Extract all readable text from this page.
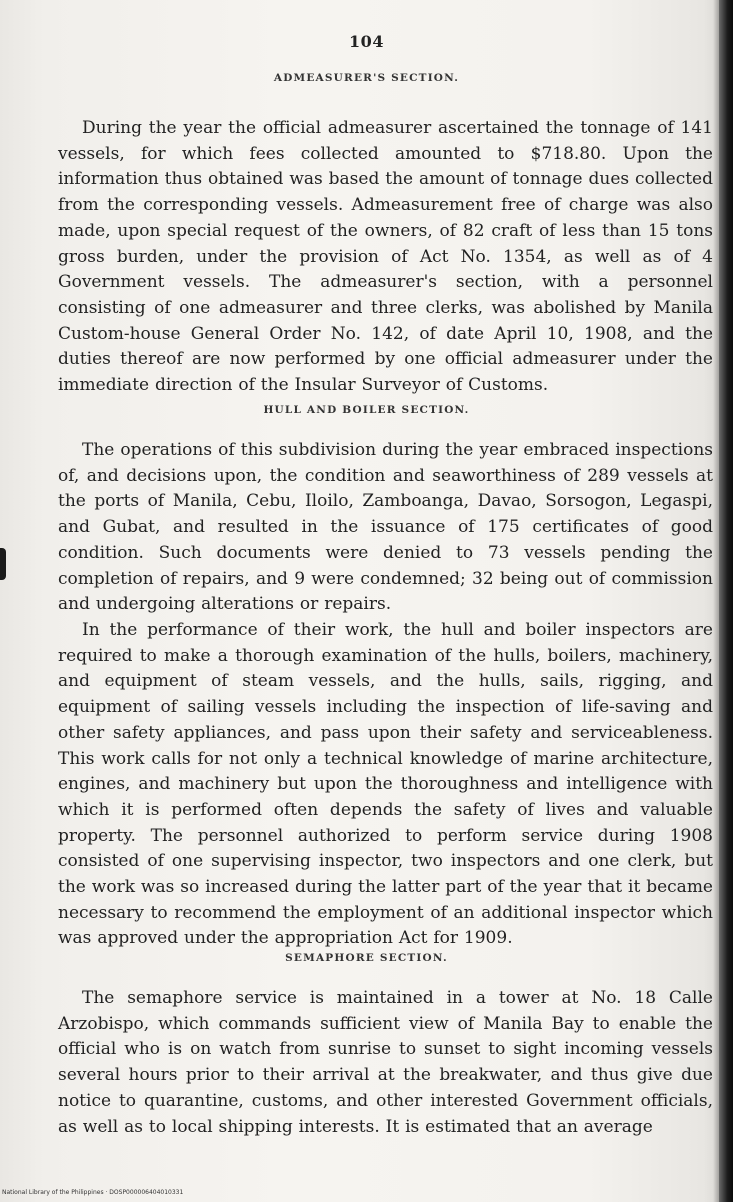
104
ADMEASURER'S SECTION.

During the year the official admeasurer ascertained the tonnage of 141 vessels, for which fees collected amounted to $718.80. Upon the information thus obtained was based the amount of tonnage dues collected from the corresponding vessels. Admeasurement free of charge was also made, upon special request of the owners, of 82 craft of less than 15 tons gross burden, under the provision of Act No. 1354, as well as of 4 Government vessels. The admeasurer's section, with a personnel consisting of one admeasurer and three clerks, was abolished by Manila Custom-house General Order No. 142, of date April 10, 1908, and the duties thereof are now performed by one official admeasurer under the immediate direction of the Insular Surveyor of Customs.

HULL AND BOILER SECTION.

The operations of this subdivision during the year embraced inspections of, and decisions upon, the condition and seaworthiness of 289 vessels at the ports of Manila, Cebu, Iloilo, Zamboanga, Davao, Sorsogon, Legaspi, and Gubat, and resulted in the issuance of 175 certificates of good condition. Such documents were denied to 73 vessels pending the completion of repairs, and 9 were condemned; 32 being out of commission and undergoing alterations or repairs.

In the performance of their work, the hull and boiler inspectors are required to make a thorough examination of the hulls, boilers, machinery, and equipment of steam vessels, and the hulls, sails, rigging, and equipment of sailing vessels including the inspection of life-saving and other safety appliances, and pass upon their safety and serviceableness. This work calls for not only a technical knowledge of marine architecture, engines, and machinery but upon the thoroughness and intelligence with which it is performed often depends the safety of lives and valuable property. The personnel authorized to perform service during 1908 consisted of one supervising inspector, two inspectors and one clerk, but the work was so increased during the latter part of the year that it became necessary to recommend the employment of an additional inspector which was approved under the appropriation Act for 1909.

SEMAPHORE SECTION.

The semaphore service is maintained in a tower at No. 18 Calle Arzobispo, which commands sufficient view of Manila Bay to enable the official who is on watch from sunrise to sunset to sight incoming vessels several hours prior to their arrival at the breakwater, and thus give due notice to quarantine, customs, and other interested Government officials, as well as to local shipping interests. It is estimated that an average

National Library of the Philippines · DOSP000006404010331
